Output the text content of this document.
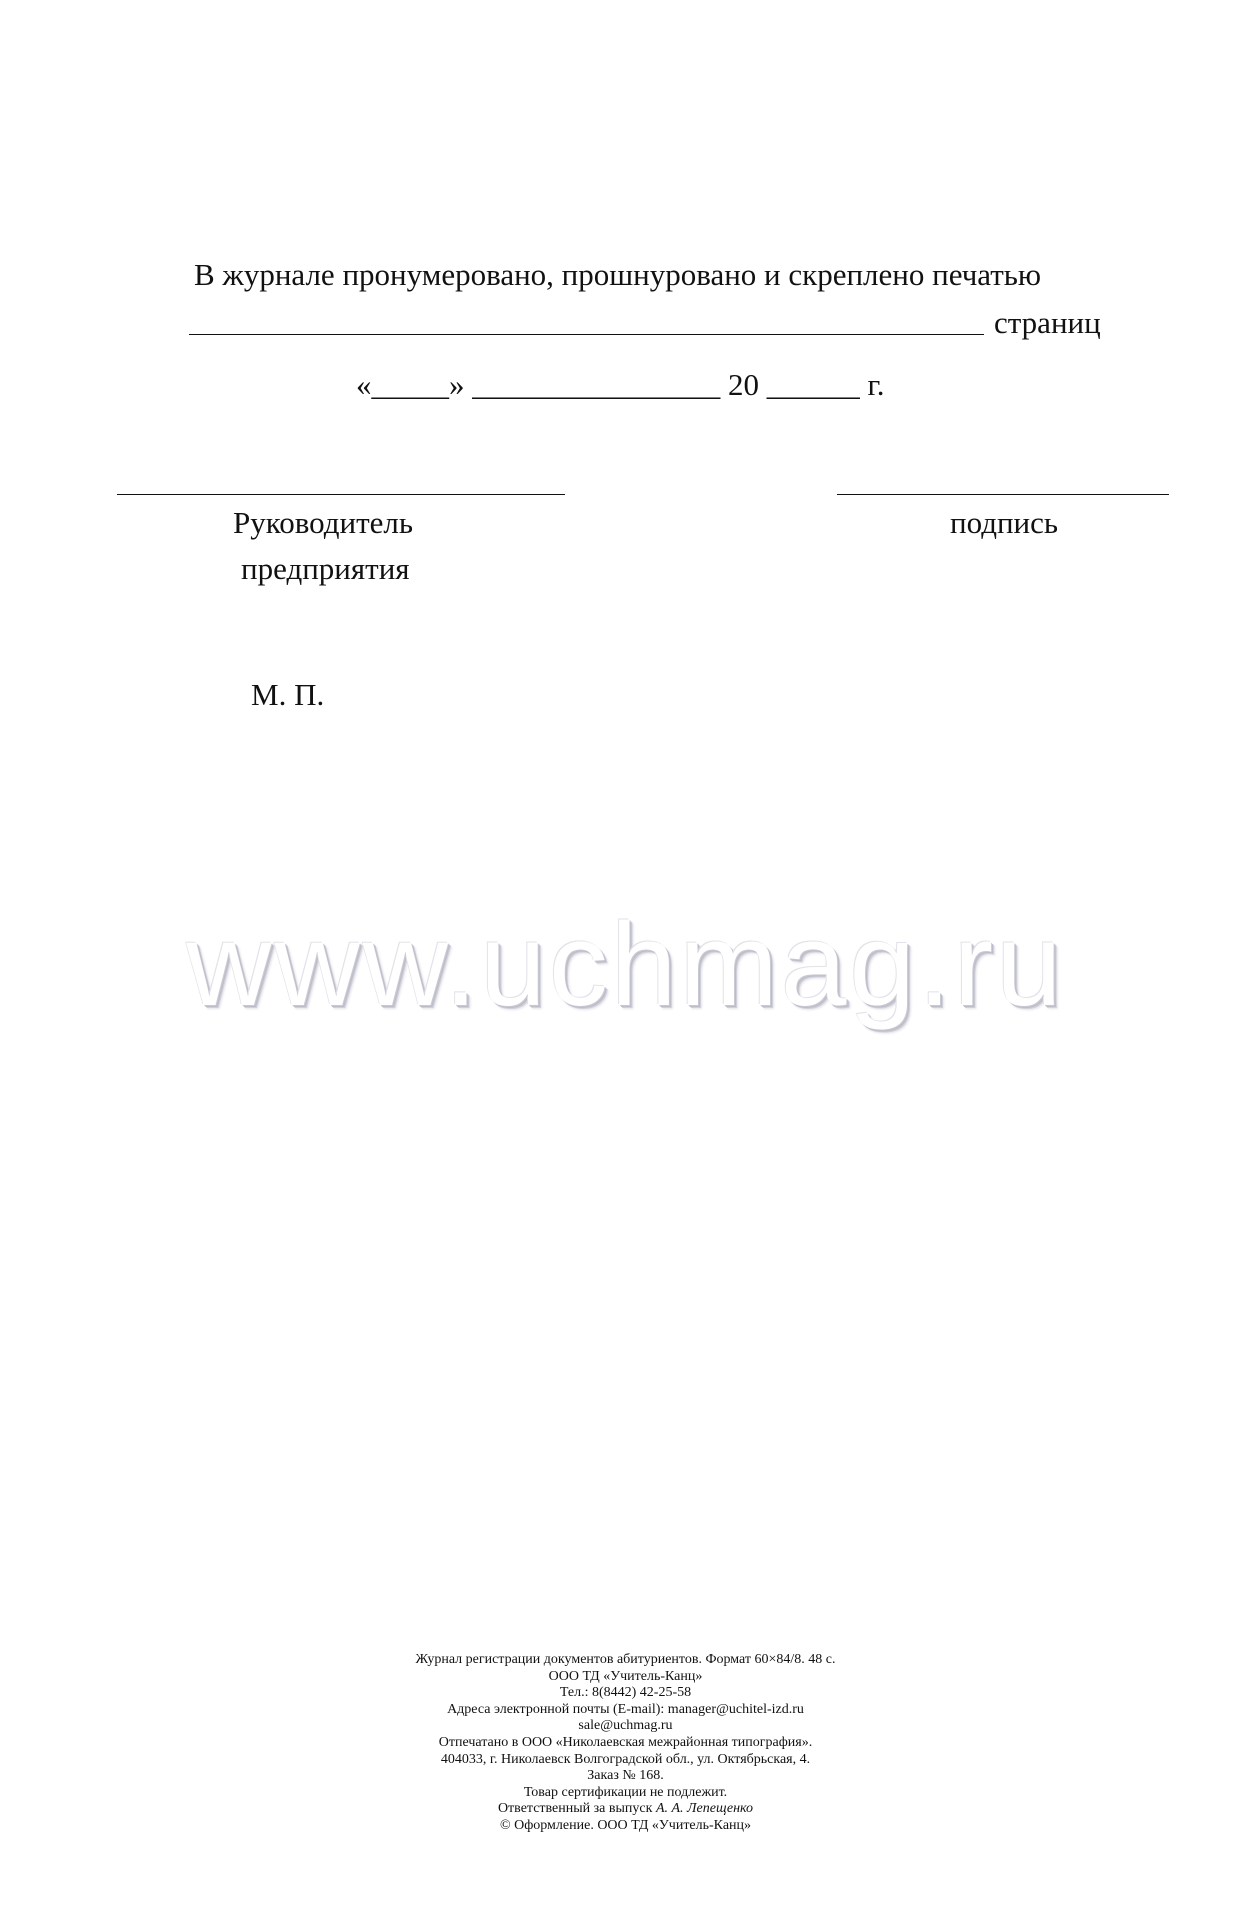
В журнале пронумеровано, прошнуровано и скреплено печатью
страниц
«_____» ________________ 20 ______ г.
Руководитель
предприятия
подпись
М. П.
www.uchmag.ru
Журнал регистрации документов абитуриентов. Формат 60×84/8. 48 с.
ООО ТД «Учитель-Канц»
Тел.: 8(8442) 42-25-58
Адреса электронной почты (E-mail): manager@uchitel-izd.ru
sale@uchmag.ru
Отпечатано в ООО «Николаевская межрайонная типография».
404033, г. Николаевск Волгоградской обл., ул. Октябрьская, 4.
Заказ № 168.
Товар сертификации не подлежит.
Ответственный за выпуск А. А. Лепещенко
© Оформление. ООО ТД «Учитель-Канц»
